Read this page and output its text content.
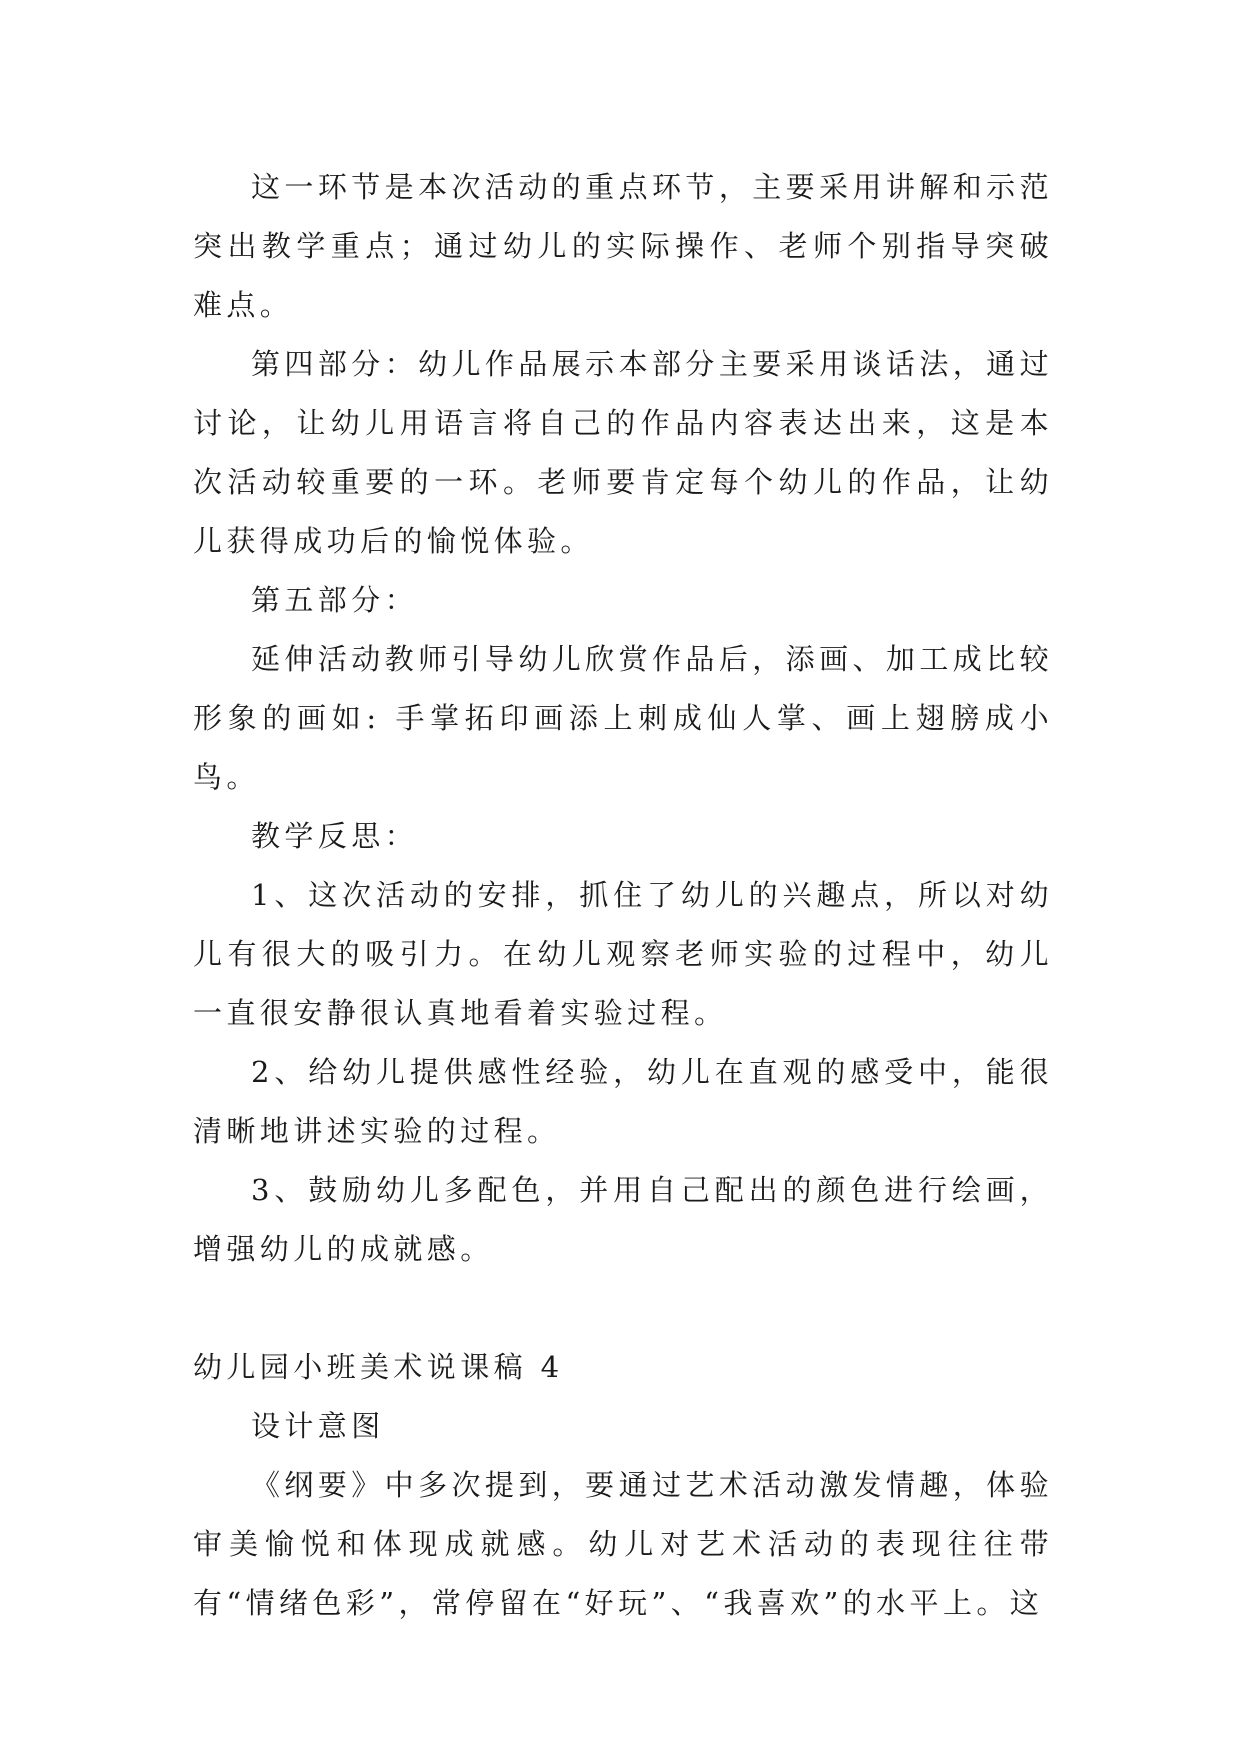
这一环节是本次活动的重点环节，主要采用讲解和示范突出教学重点；通过幼儿的实际操作、老师个别指导突破难点。

第四部分：幼儿作品展示本部分主要采用谈话法，通过讨论，让幼儿用语言将自己的作品内容表达出来，这是本次活动较重要的一环。老师要肯定每个幼儿的作品，让幼儿获得成功后的愉悦体验。

第五部分：

延伸活动教师引导幼儿欣赏作品后，添画、加工成比较形象的画如: 手掌拓印画添上刺成仙人掌、画上翅膀成小鸟。

教学反思：

1、这次活动的安排，抓住了幼儿的兴趣点，所以对幼儿有很大的吸引力。在幼儿观察老师实验的过程中，幼儿一直很安静很认真地看着实验过程。

2、给幼儿提供感性经验，幼儿在直观的感受中，能很清晰地讲述实验的过程。

3、鼓励幼儿多配色，并用自己配出的颜色进行绘画，增强幼儿的成就感。

幼儿园小班美术说课稿 4

设计意图

《纲要》中多次提到，要通过艺术活动激发情趣，体验审美愉悦和体现成就感。幼儿对艺术活动的表现往往带有“情绪色彩”，常停留在“好玩”、“我喜欢”的水平上。这
